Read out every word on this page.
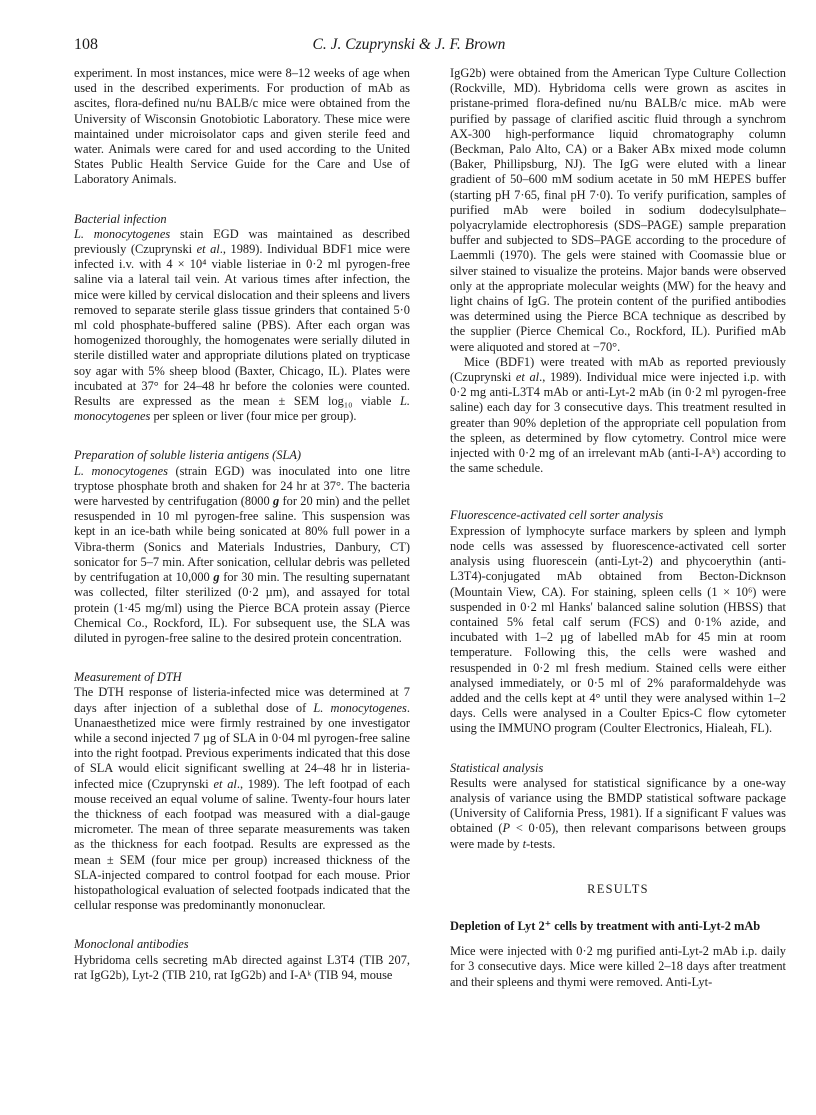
108	C. J. Czuprynski & J. F. Brown

experiment. In most instances, mice were 8–12 weeks of age when used in the described experiments. For production of mAb as ascites, flora-defined nu/nu BALB/c mice were obtained from the University of Wisconsin Gnotobiotic Laboratory. These mice were maintained under microisolator caps and given sterile feed and water. Animals were cared for and used according to the United States Public Health Service Guide for the Care and Use of Laboratory Animals.

Bacterial infection

L. monocytogenes stain EGD was maintained as described previously (Czuprynski et al., 1989). Individual BDF1 mice were infected i.v. with 4 × 10⁴ viable listeriae in 0·2 ml pyrogen-free saline via a lateral tail vein. At various times after infection, the mice were killed by cervical dislocation and their spleens and livers removed to separate sterile glass tissue grinders that contained 5·0 ml cold phosphate-buffered saline (PBS). After each organ was homogenized thoroughly, the homogenates were serially diluted in sterile distilled water and appropriate dilutions plated on trypticase soy agar with 5% sheep blood (Baxter, Chicago, IL). Plates were incubated at 37° for 24–48 hr before the colonies were counted. Results are expressed as the mean ± SEM log₁₀ viable L. monocytogenes per spleen or liver (four mice per group).

Preparation of soluble listeria antigens (SLA)

L. monocytogenes (strain EGD) was inoculated into one litre tryptose phosphate broth and shaken for 24 hr at 37°. The bacteria were harvested by centrifugation (8000 g for 20 min) and the pellet resuspended in 10 ml pyrogen-free saline. This suspension was kept in an ice-bath while being sonicated at 80% full power in a Vibra-therm (Sonics and Materials Industries, Danbury, CT) sonicator for 5–7 min. After sonication, cellular debris was pelleted by centrifugation at 10,000 g for 30 min. The resulting supernatant was collected, filter sterilized (0·2 µm), and assayed for total protein (1·45 mg/ml) using the Pierce BCA protein assay (Pierce Chemical Co., Rockford, IL). For subsequent use, the SLA was diluted in pyrogen-free saline to the desired protein concentration.

Measurement of DTH

The DTH response of listeria-infected mice was determined at 7 days after injection of a sublethal dose of L. monocytogenes. Unanaesthetized mice were firmly restrained by one investigator while a second injected 7 µg of SLA in 0·04 ml pyrogen-free saline into the right footpad. Previous experiments indicated that this dose of SLA would elicit significant swelling at 24–48 hr in listeria-infected mice (Czuprynski et al., 1989). The left footpad of each mouse received an equal volume of saline. Twenty-four hours later the thickness of each footpad was measured with a dial-gauge micrometer. The mean of three separate measurements was taken as the thickness for each footpad. Results are expressed as the mean ± SEM (four mice per group) increased thickness of the SLA-injected compared to control footpad for each mouse. Prior histopathological evaluation of selected footpads indicated that the cellular response was predominantly mononuclear.

Monoclonal antibodies

Hybridoma cells secreting mAb directed against L3T4 (TIB 207, rat IgG2b), Lyt-2 (TIB 210, rat IgG2b) and I-Aᵏ (TIB 94, mouse

IgG2b) were obtained from the American Type Culture Collection (Rockville, MD). Hybridoma cells were grown as ascites in pristane-primed flora-defined nu/nu BALB/c mice. mAb were purified by passage of clarified ascitic fluid through a synchrom AX-300 high-performance liquid chromatography column (Beckman, Palo Alto, CA) or a Baker ABx mixed mode column (Baker, Phillipsburg, NJ). The IgG were eluted with a linear gradient of 50–600 mM sodium acetate in 50 mM HEPES buffer (starting pH 7·65, final pH 7·0). To verify purification, samples of purified mAb were boiled in sodium dodecylsulphate–polyacrylamide electrophoresis (SDS–PAGE) sample preparation buffer and subjected to SDS–PAGE according to the procedure of Laemmli (1970). The gels were stained with Coomassie blue or silver stained to visualize the proteins. Major bands were observed only at the appropriate molecular weights (MW) for the heavy and light chains of IgG. The protein content of the purified antibodies was determined using the Pierce BCA technique as described by the supplier (Pierce Chemical Co., Rockford, IL). Purified mAb were aliquoted and stored at −70°.

Mice (BDF1) were treated with mAb as reported previously (Czuprynski et al., 1989). Individual mice were injected i.p. with 0·2 mg anti-L3T4 mAb or anti-Lyt-2 mAb (in 0·2 ml pyrogen-free saline) each day for 3 consecutive days. This treatment resulted in greater than 90% depletion of the appropriate cell population from the spleen, as determined by flow cytometry. Control mice were injected with 0·2 mg of an irrelevant mAb (anti-I-Aᵏ) according to the same schedule.

Fluorescence-activated cell sorter analysis

Expression of lymphocyte surface markers by spleen and lymph node cells was assessed by fluorescence-activated cell sorter analysis using fluorescein (anti-Lyt-2) and phycoerythin (anti-L3T4)-conjugated mAb obtained from Becton-Dicknson (Mountain View, CA). For staining, spleen cells (1 × 10⁶) were suspended in 0·2 ml Hanks' balanced saline solution (HBSS) that contained 5% fetal calf serum (FCS) and 0·1% azide, and incubated with 1–2 µg of labelled mAb for 45 min at room temperature. Following this, the cells were washed and resuspended in 0·2 ml fresh medium. Stained cells were either analysed immediately, or 0·5 ml of 2% paraformaldehyde was added and the cells kept at 4° until they were analysed within 1–2 days. Cells were analysed in a Coulter Epics-C flow cytometer using the IMMUNO program (Coulter Electronics, Hialeah, FL).

Statistical analysis

Results were analysed for statistical significance by a one-way analysis of variance using the BMDP statistical software package (University of California Press, 1981). If a significant F values was obtained (P < 0·05), then relevant comparisons between groups were made by t-tests.

RESULTS

Depletion of Lyt 2⁺ cells by treatment with anti-Lyt-2 mAb

Mice were injected with 0·2 mg purified anti-Lyt-2 mAb i.p. daily for 3 consecutive days. Mice were killed 2–18 days after treatment and their spleens and thymi were removed. Anti-Lyt-
